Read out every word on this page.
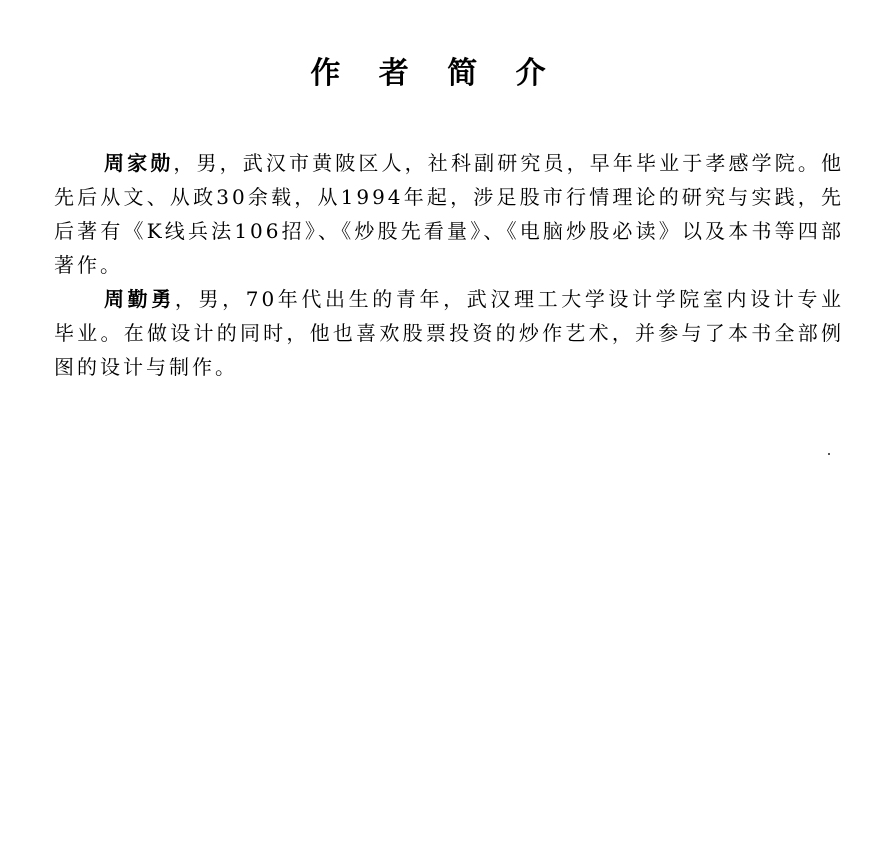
作 者 简 介

周家勋，男，武汉市黄陂区人，社科副研究员，早年毕业于孝感学院。他先后从文、从政30余载，从1994年起，涉足股市行情理论的研究与实践，先后著有《K线兵法106招》、《炒股先看量》、《电脑炒股必读》以及本书等四部著作。

周勤勇，男，70年代出生的青年，武汉理工大学设计学院室内设计专业毕业。在做设计的同时，他也喜欢股票投资的炒作艺术，并参与了本书全部例图的设计与制作。
